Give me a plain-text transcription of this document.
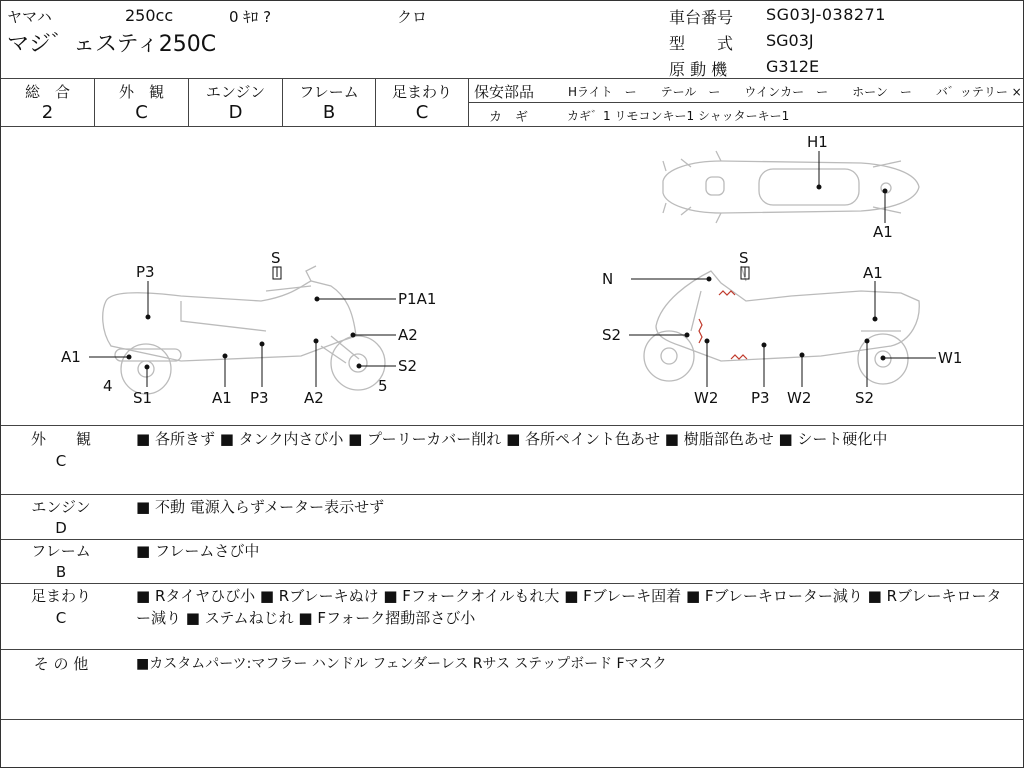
ヤマハ	250cc	0 ｷﾛ ?	クロ
マジ゛ェスティ250C
車台番号 SG03J-038271
型　　式 SG03J
原 動 機 G312E
総　合
2
外　観
C
エンジン
D
フレーム
B
足まわり
C
保安部品	Hライト　ー　　テール　ー　　ウインカー　ー　　ホーン　ー　　バ゛ッテリー ×
カ　ギ	カギ゛1 リモコンキー1 シャッターキー1
H1
A1
S
P3
P1A1
A2
A1	S2
4	5
S1	A1 P3 A2
S
N	A1
S2
W1
W2 P3 W2	S2
外　　観
C
■ 各所きず ■ タンク内さび小 ■ プーリーカバー削れ ■ 各所ペイント色あせ ■ 樹脂部色あせ ■ シート硬化中
エンジン
D
■ 不動 電源入らずメーター表示せず
フレーム
B
■ フレームさび中
足まわり
C
■ Rタイヤひび小 ■ Rブレーキぬけ ■ Fフォークオイルもれ大 ■ Fブレーキ固着 ■ Fブレーキローター減り ■ Rブレーキローター減り ■ ステムねじれ ■ Fフォーク摺動部さび小
そ の 他	■カスタムパーツ:マフラー ハンドル フェンダーレス Rサス ステップボード Fマスク
